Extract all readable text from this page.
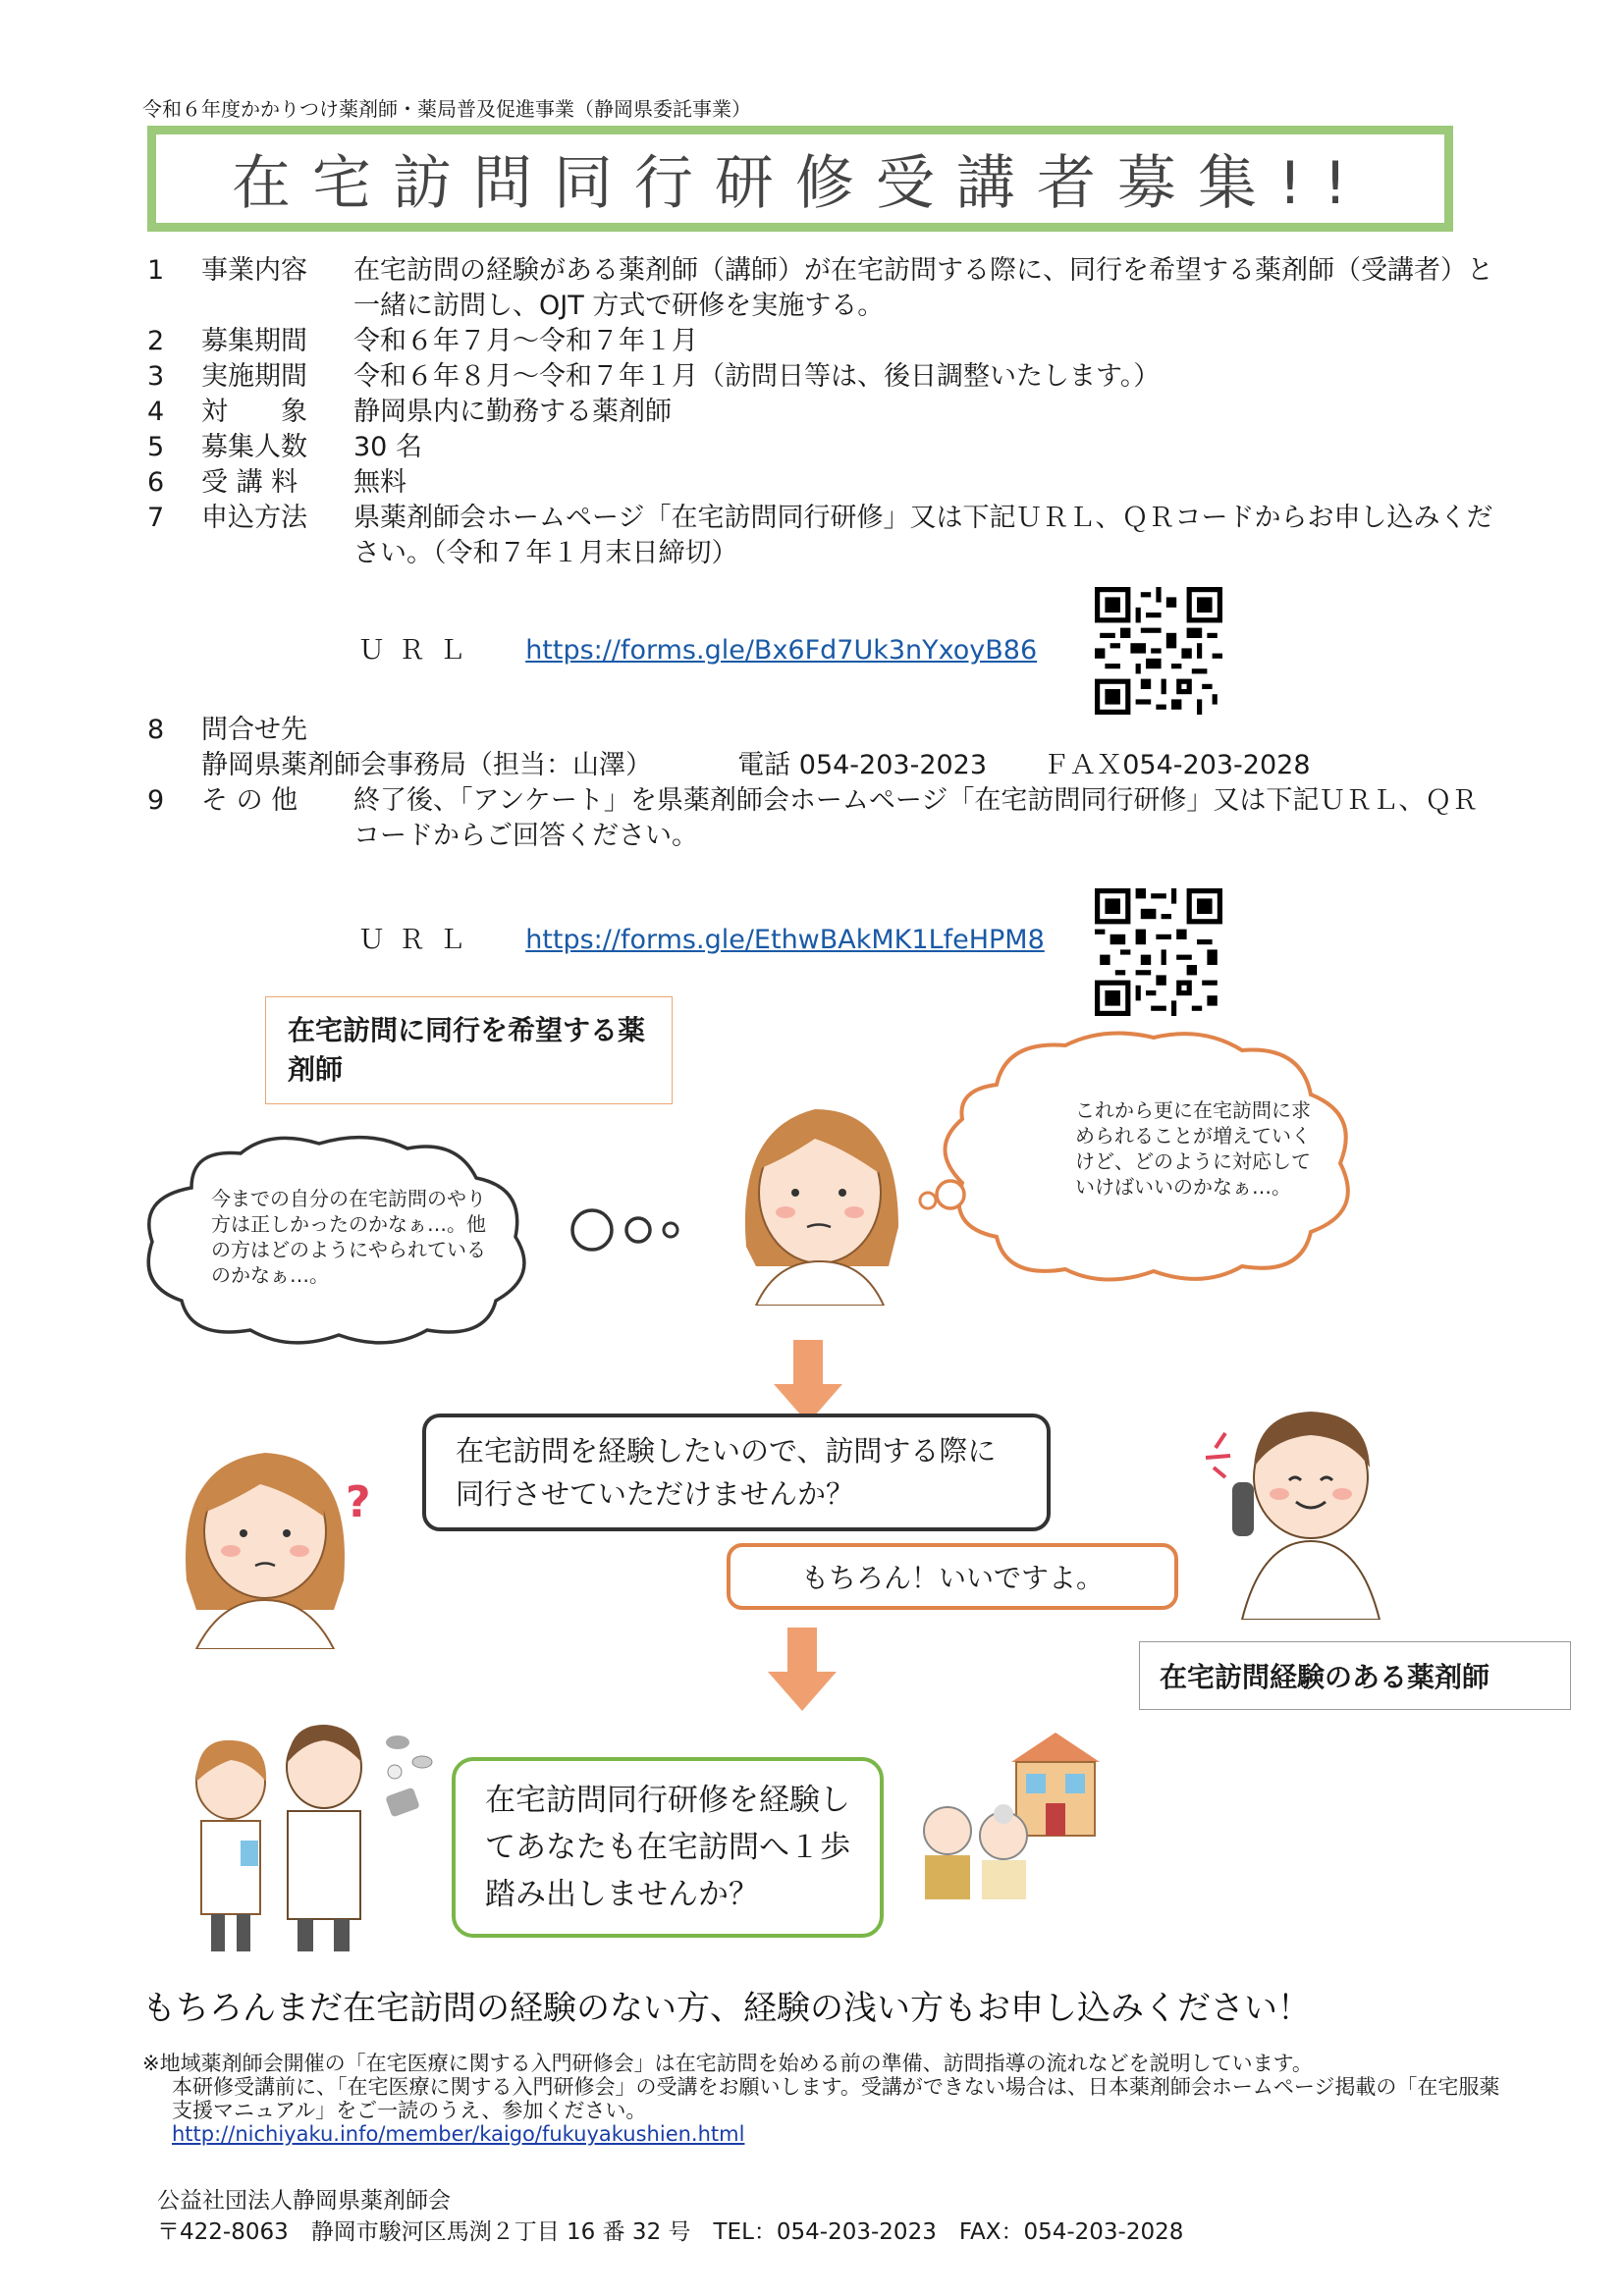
令和６年度かかりつけ薬剤師・薬局普及促進事業（静岡県委託事業）
在宅訪問同行研修受講者募集!!
1	事業内容	在宅訪問の経験がある薬剤師（講師）が在宅訪問する際に、同行を希望する薬剤師（受講者）と一緒に訪問し、OJT 方式で研修を実施する。
2	募集期間	令和６年７月～令和７年１月
3	実施期間	令和６年８月～令和７年１月（訪問日等は、後日調整いたします。）
4	対　　象	静岡県内に勤務する薬剤師
5	募集人数	30 名
6	受 講 料	無料
7	申込方法	県薬剤師会ホームページ「在宅訪問同行研修」又は下記ＵＲＬ、ＱＲコードからお申し込みください。（令和７年１月末日締切）
ＵＲＬ https://forms.gle/Bx6Fd7Uk3nYxoyB86
8	問合せ先
静岡県薬剤師会事務局（担当：山澤）	電話 054-203-2023 ＦＡＸ054-203-2028
9	そ の 他	終了後、「アンケート」を県薬剤師会ホームページ「在宅訪問同行研修」又は下記ＵＲＬ、ＱＲコードからご回答ください。
ＵＲＬ https://forms.gle/EthwBAkMK1LfeHPM8
在宅訪問に同行を希望する薬剤師
今までの自分の在宅訪問のやり方は正しかったのかなぁ…。他の方はどのようにやられているのかなぁ…。
これから更に在宅訪問に求められることが増えていくけど、どのように対応していけばいいのかなぁ…。
?
在宅訪問を経験したいので、訪問する際に同行させていただけませんか？
もちろん！いいですよ。
在宅訪問経験のある薬剤師
在宅訪問同行研修を経験してあなたも在宅訪問へ１歩踏み出しませんか？
もちろんまだ在宅訪問の経験のない方、経験の浅い方もお申し込みください！
※地域薬剤師会開催の「在宅医療に関する入門研修会」は在宅訪問を始める前の準備、訪問指導の流れなどを説明しています。
本研修受講前に、「在宅医療に関する入門研修会」の受講をお願いします。受講ができない場合は、日本薬剤師会ホームページ掲載の「在宅服薬支援マニュアル」をご一読のうえ、参加ください。
http://nichiyaku.info/member/kaigo/fukuyakushien.html
公益社団法人静岡県薬剤師会
〒422-8063　静岡市駿河区馬渕２丁目 16 番 32 号　TEL：054-203-2023　FAX：054-203-2028
